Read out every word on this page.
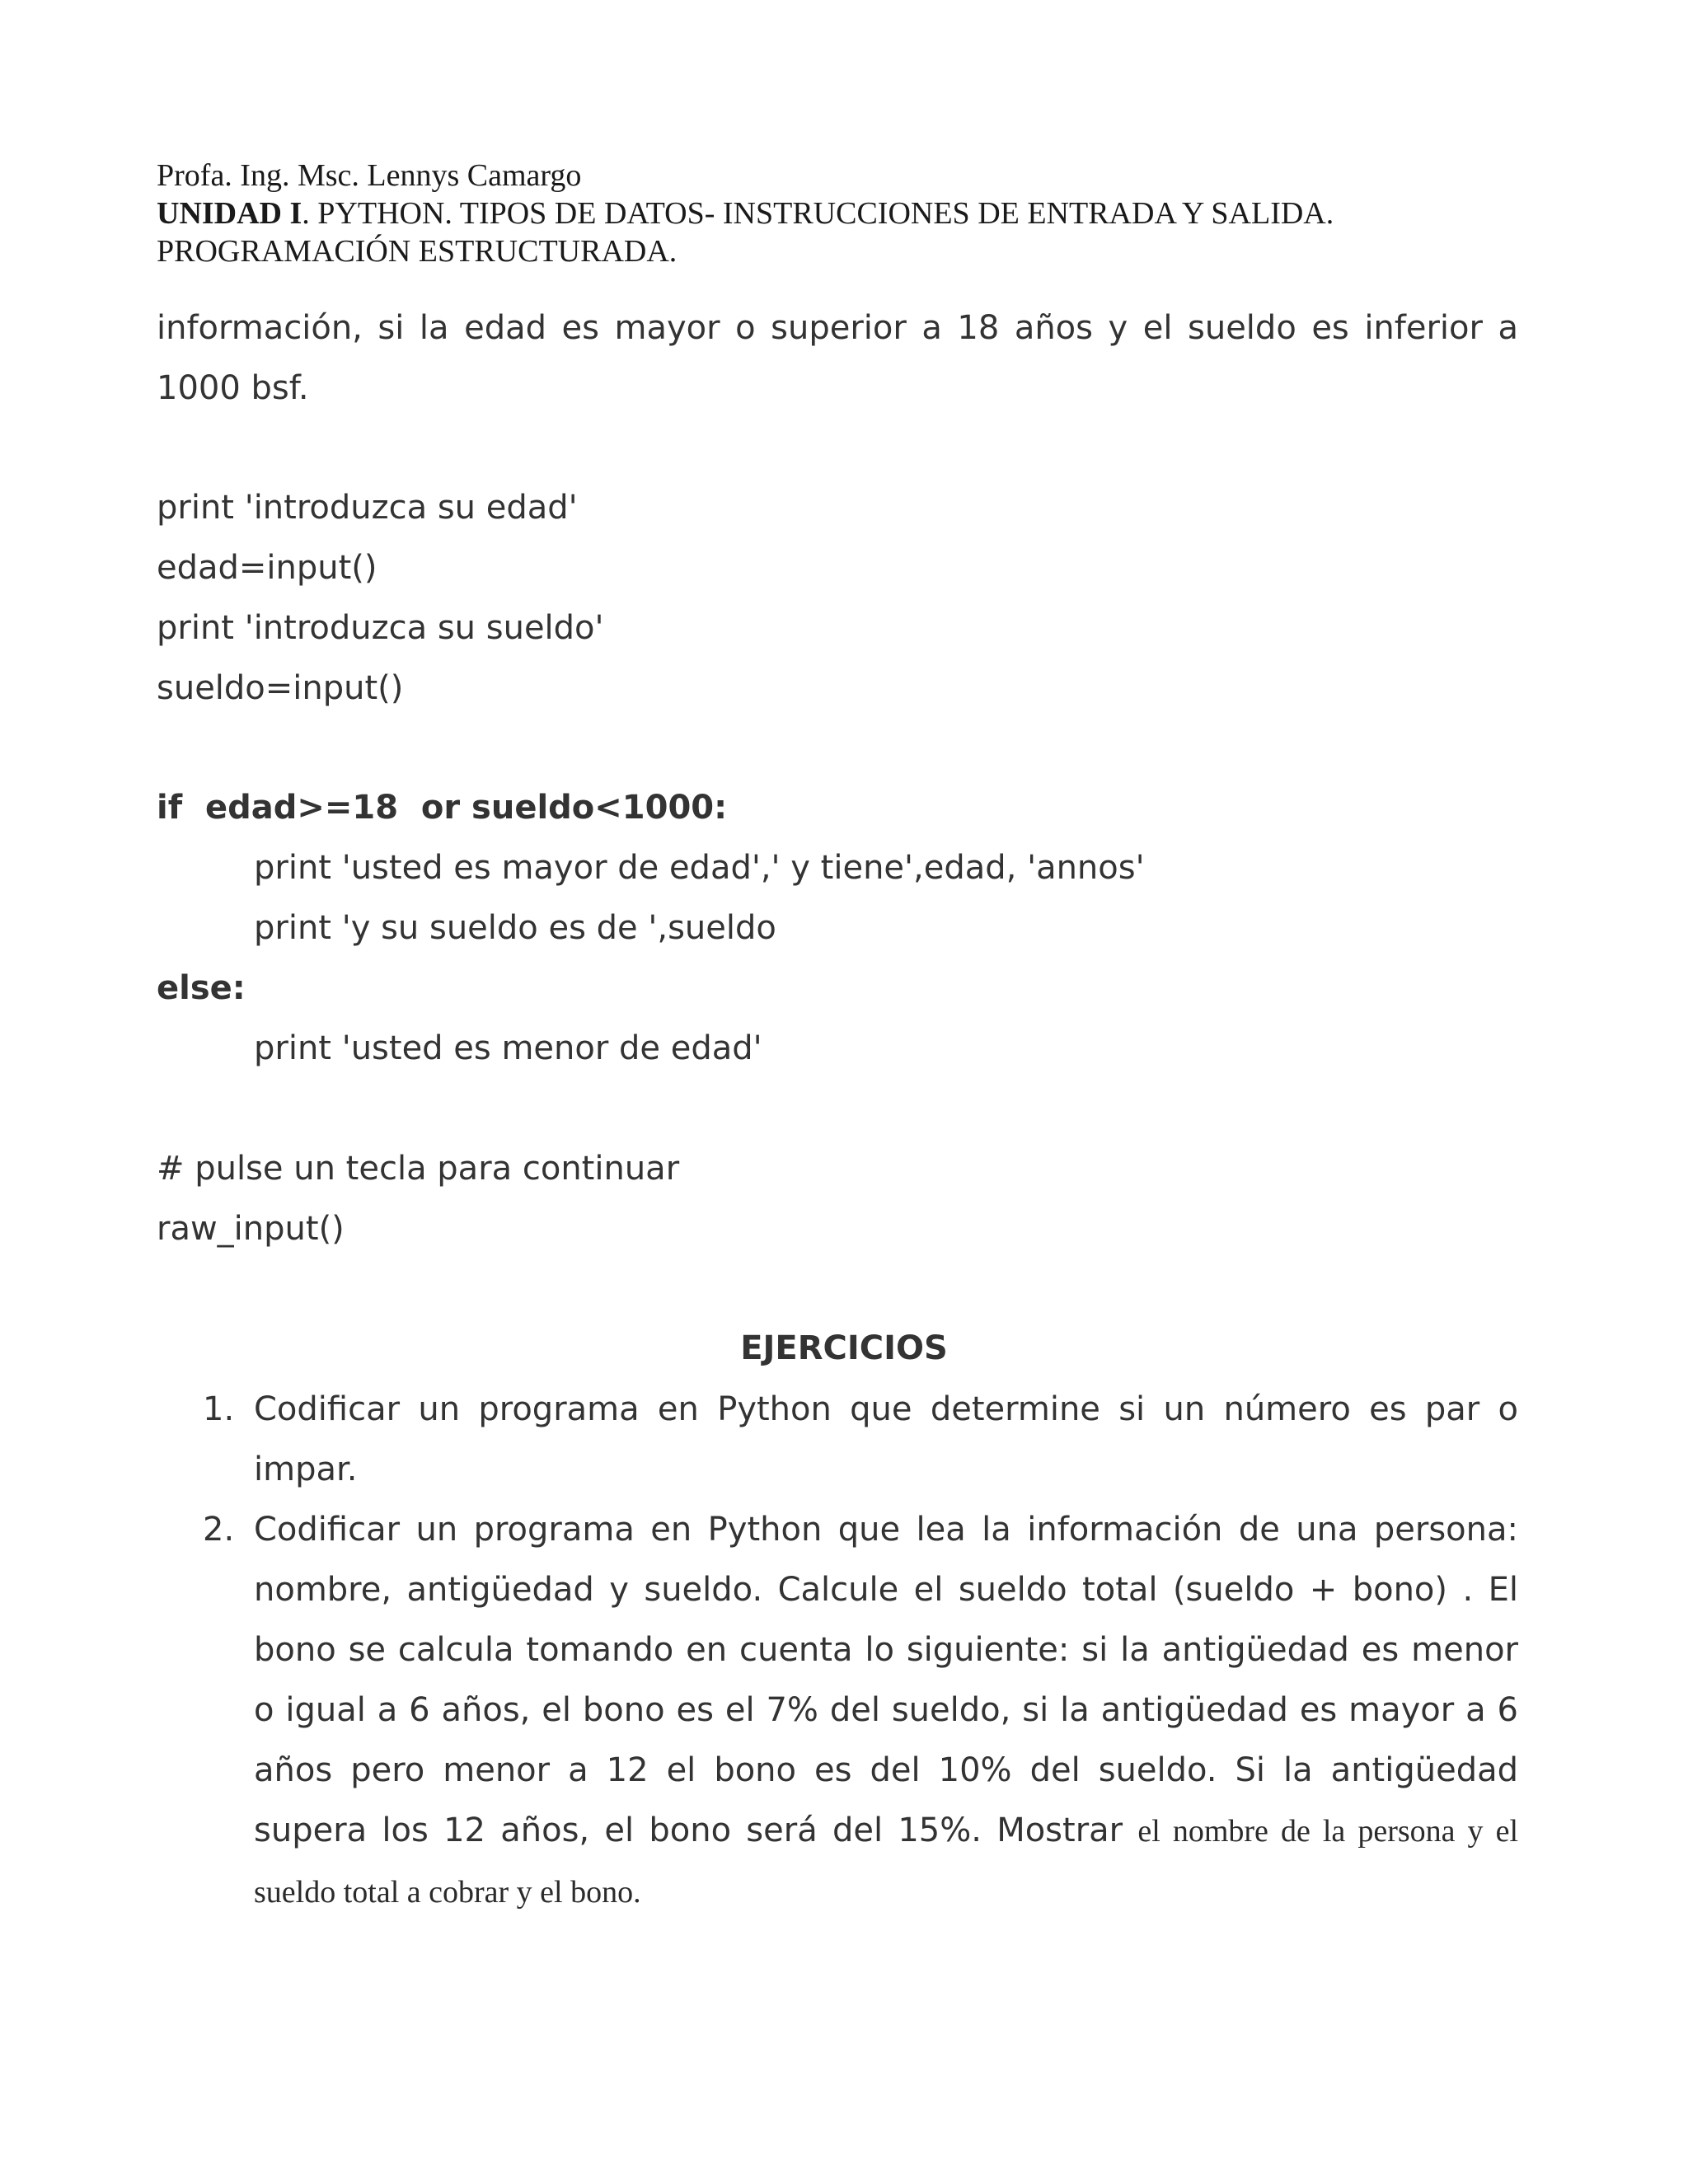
Profa. Ing. Msc. Lennys Camargo
UNIDAD I. PYTHON. TIPOS DE DATOS- INSTRUCCIONES DE ENTRADA Y SALIDA.
PROGRAMACIÓN ESTRUCTURADA.
información, si la edad es mayor o superior a 18 años y el sueldo es inferior a 1000 bsf.
print 'introduzca su edad'
edad=input()
print 'introduzca su sueldo'
sueldo=input()
if  edad>=18  or sueldo<1000:
print 'usted es mayor de edad',' y tiene',edad, 'annos'
print 'y su sueldo es de ',sueldo
else:
print 'usted es menor de edad'
# pulse un tecla para continuar
raw_input()
EJERCICIOS
1. Codificar un programa en Python que determine si un número es par o impar.
2. Codificar un programa en Python que lea la información de una persona: nombre, antigüedad y sueldo. Calcule el sueldo total (sueldo + bono) . El bono se calcula tomando en cuenta lo siguiente: si la antigüedad es menor o igual a 6 años, el bono es el 7% del sueldo, si la antigüedad es mayor a 6 años pero menor a 12 el bono es del 10% del sueldo. Si la antigüedad supera los 12 años, el bono será del 15%. Mostrar el nombre de la persona y el sueldo total a cobrar y el bono.
